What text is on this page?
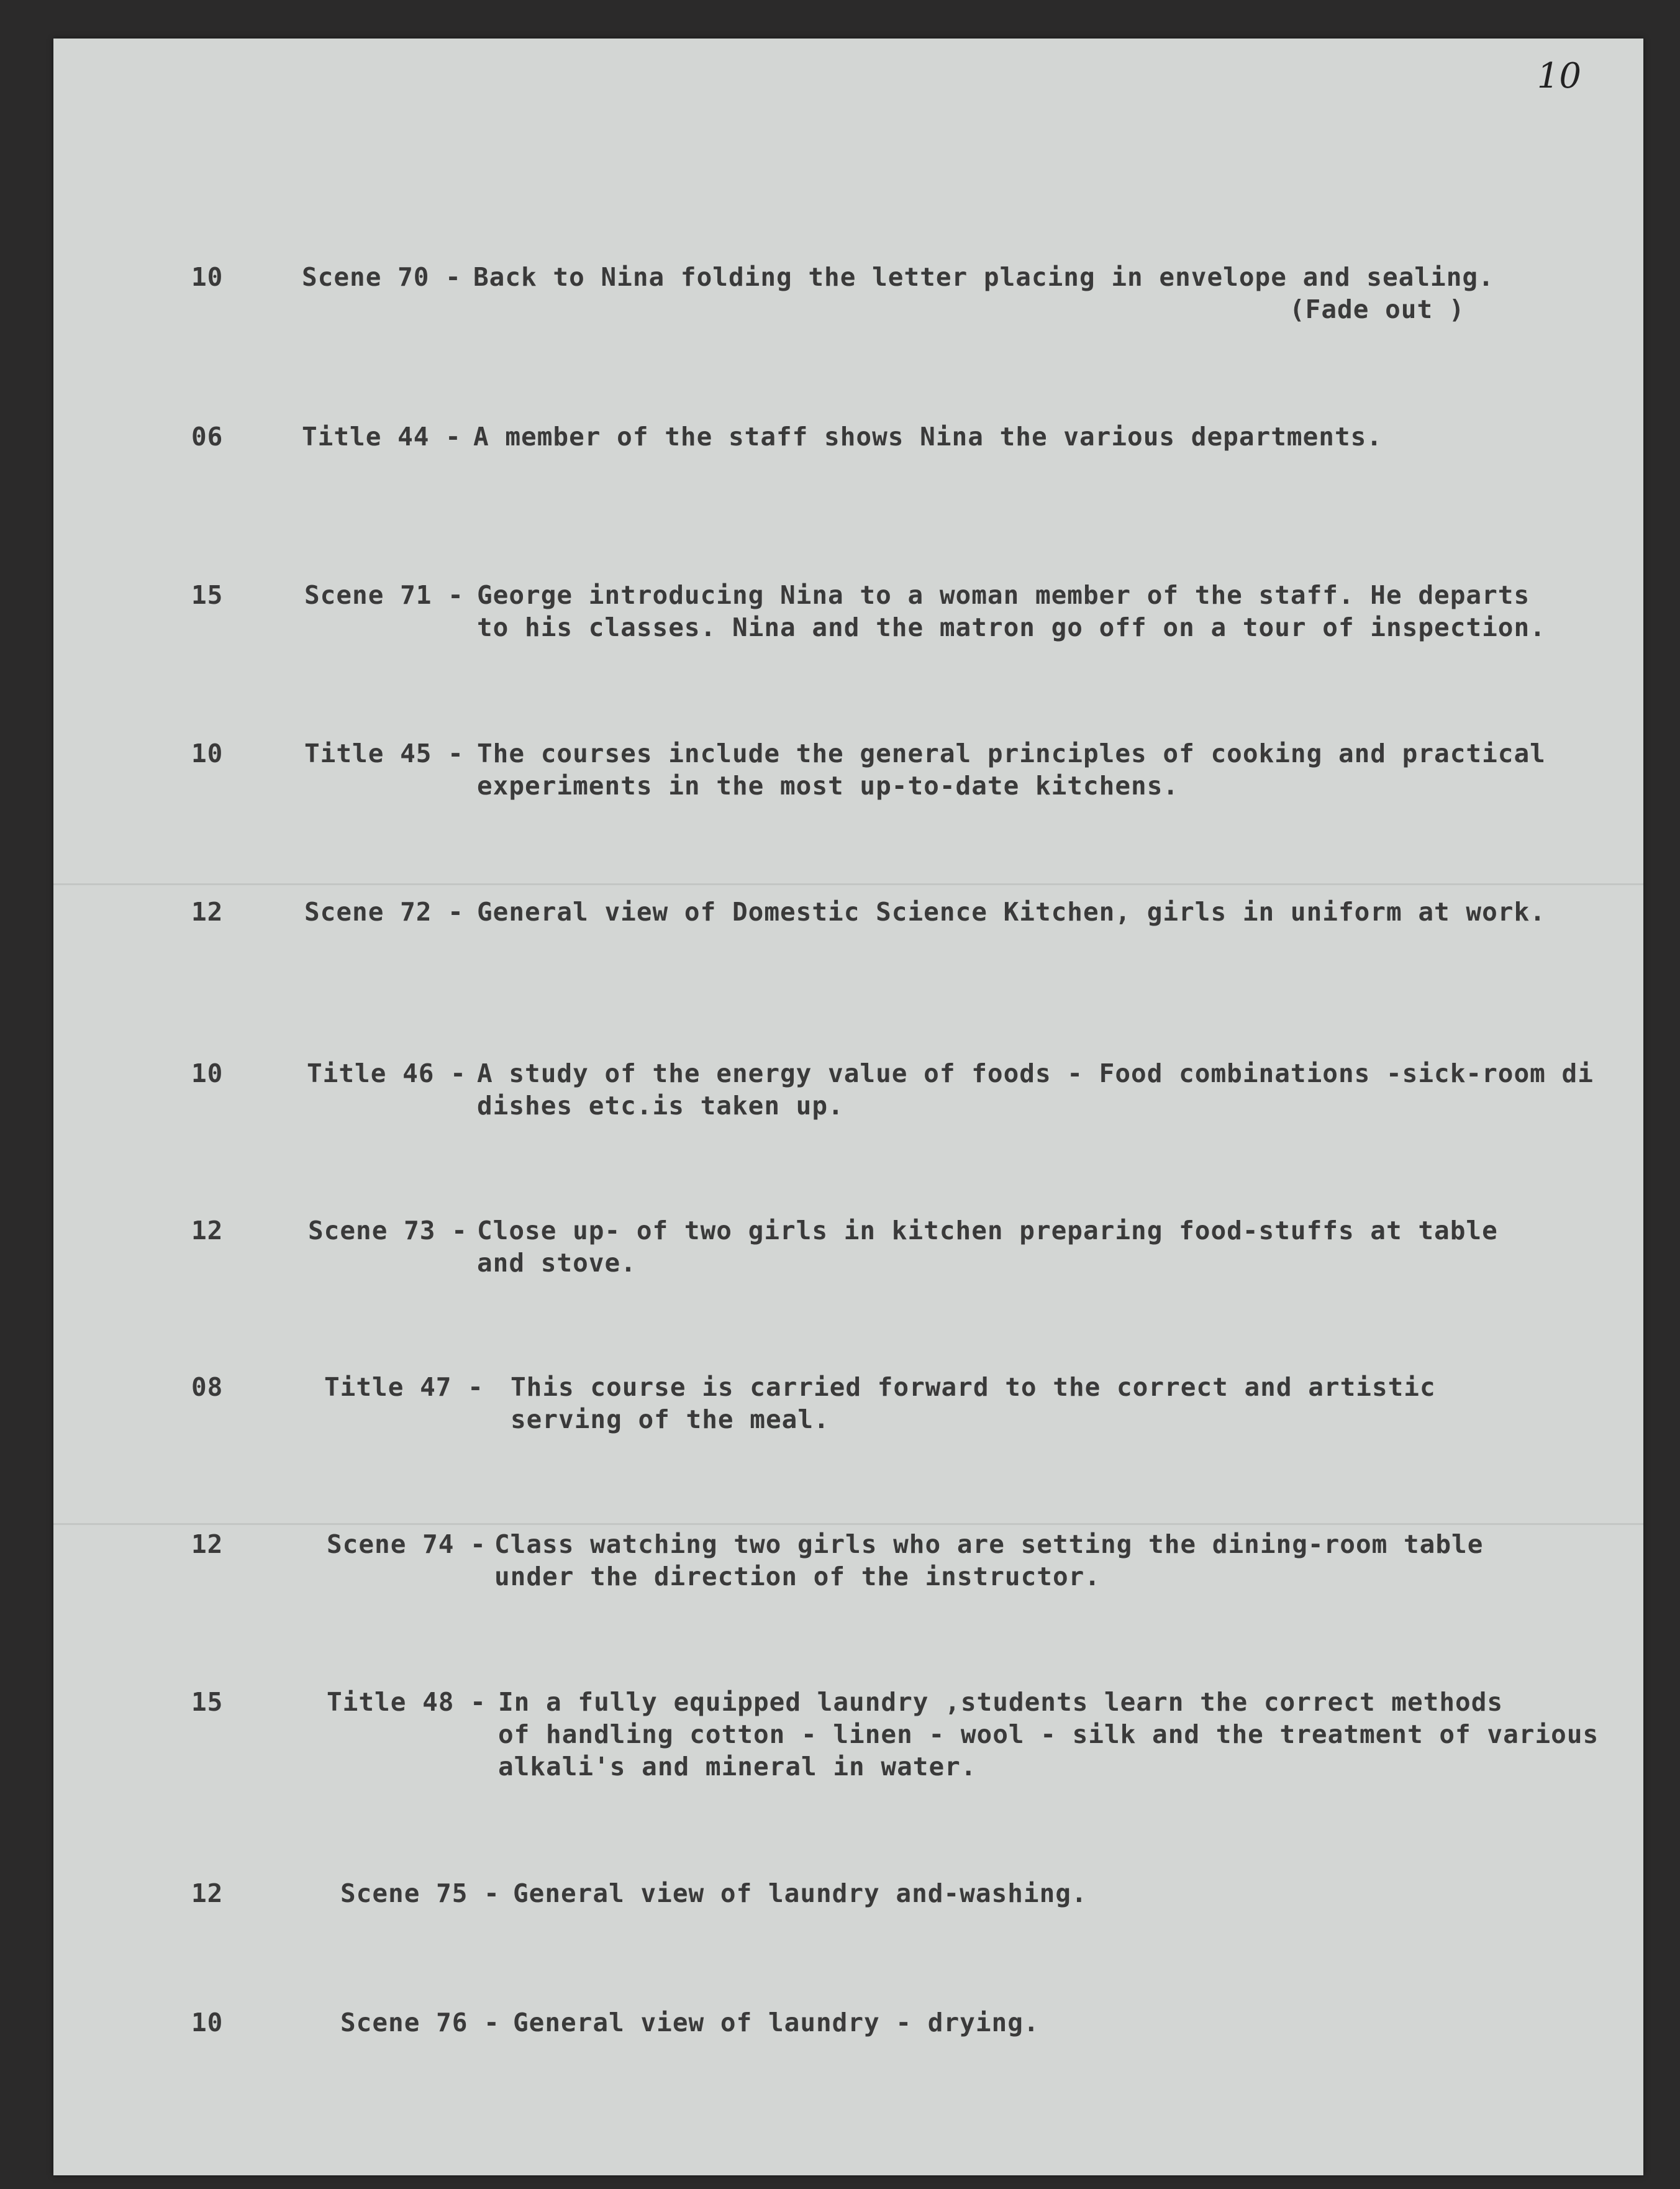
10
10	Scene 70 - Back to Nina folding the letter placing in envelope and sealing.
(Fade out )
06	Title 44 - A member of the staff shows Nina the various departments.
15	Scene 71 - George introducing Nina to a woman member of the staff. He departs
to his classes. Nina and the matron go off on a tour of inspection.
10	Title 45 - The courses include the general principles of cooking and practical
experiments in the most up-to-date kitchens.
12	Scene 72 - General view of Domestic Science Kitchen, girls in uniform at work.
10	Title 46 - A study of the energy value of foods - Food combinations -sick-room di
dishes etc.is taken up.
12	Scene 73 - Close up- of two girls in kitchen preparing food-stuffs at table
and stove.
08	Title 47 - This course is carried forward to the correct and artistic
serving of the meal.
12	Scene 74 - Class watching two girls who are setting the dining-room table
under the direction of the instructor.
15	Title 48 - In a fully equipped laundry ,students learn the correct methods
of handling cotton - linen - wool - silk and the treatment of various
alkali's and mineral in water.
12	Scene 75 - General view of laundry and-washing.
10	Scene 76 - General view of laundry - drying.
